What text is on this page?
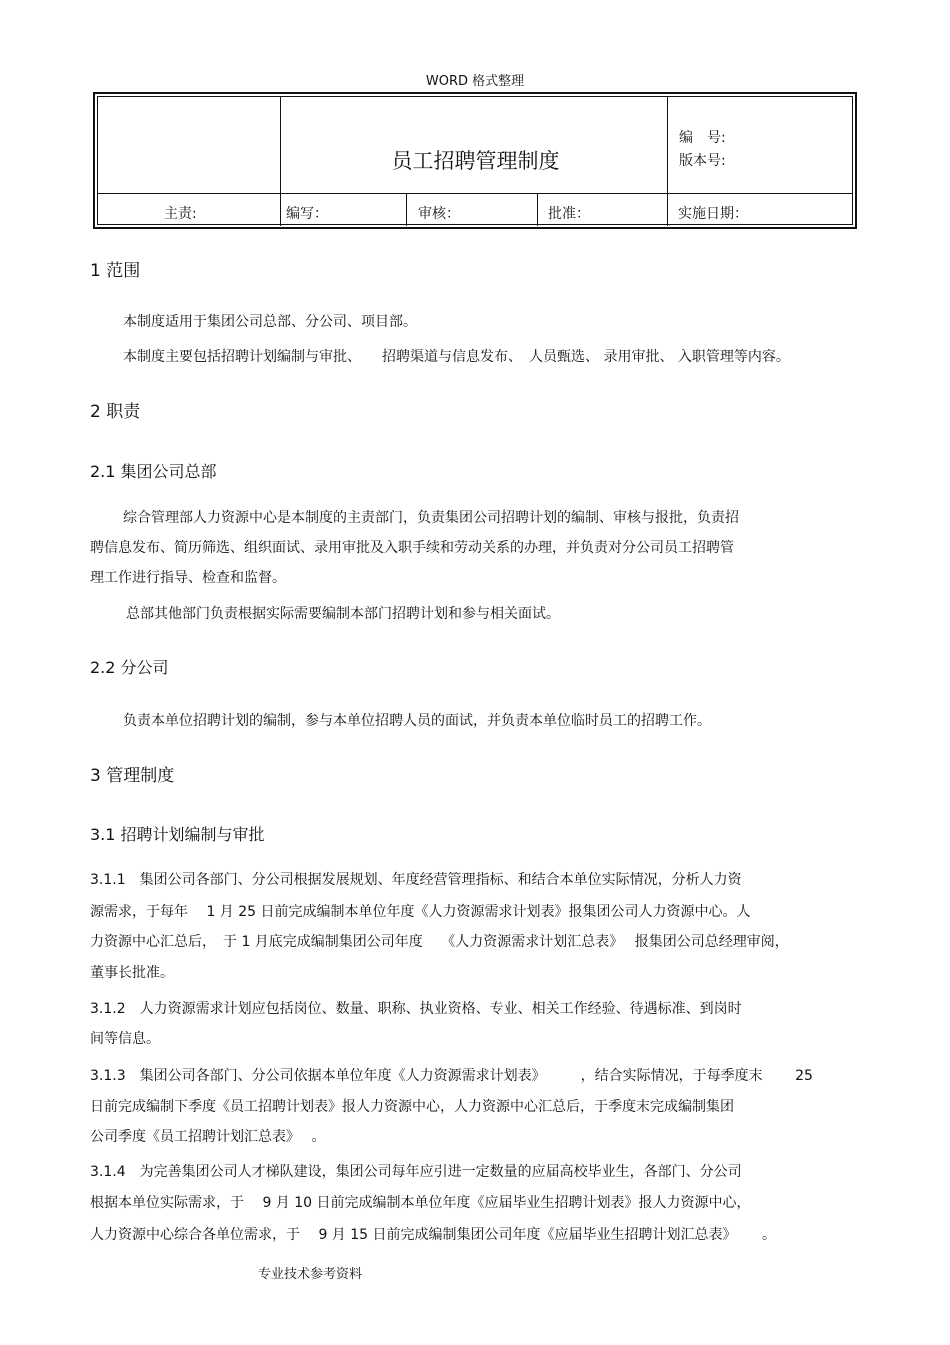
WORD 格式整理
员工招聘管理制度
编　号:
版本号:
主责:	编写：	审核：	批准：	实施日期：
1 范围
本制度适用于集团公司总部、分公司、项目部。
本制度主要包括招聘计划编制与审批、　　招聘渠道与信息发布、　人员甄选、 录用审批、 入职管理等内容。
2 职责
2.1 集团公司总部
综合管理部人力资源中心是本制度的主责部门，负责集团公司招聘计划的编制、审核与报批，负责招
聘信息发布、简历筛选、组织面试、录用审批及入职手续和劳动关系的办理，并负责对分公司员工招聘管
理工作进行指导、检查和监督。
总部其他部门负责根据实际需要编制本部门招聘计划和参与相关面试。
2.2 分公司
负责本单位招聘计划的编制，参与本单位招聘人员的面试，并负责本单位临时员工的招聘工作。
3 管理制度
3.1 招聘计划编制与审批
3.1.1　集团公司各部门、分公司根据发展规划、年度经营管理指标、和结合本单位实际情况，分析人力资
源需求，于每年　 1 月 25 日前完成编制本单位年度《人力资源需求计划表》报集团公司人力资源中心。人
力资源中心汇总后，　于 1 月底完成编制集团公司年度　 《人力资源需求计划汇总表》　 报集团公司总经理审阅，
董事长批准。
3.1.2　人力资源需求计划应包括岗位、数量、职称、执业资格、专业、相关工作经验、待遇标准、到岗时
间等信息。
3.1.3　集团公司各部门、分公司依据本单位年度《人力资源需求计划表》　　　，结合实际情况，于每季度末　　 25
日前完成编制下季度《员工招聘计划表》报人力资源中心，人力资源中心汇总后，于季度末完成编制集团
公司季度《员工招聘计划汇总表》　 。
3.1.4　为完善集团公司人才梯队建设，集团公司每年应引进一定数量的应届高校毕业生，各部门、分公司
根据本单位实际需求，于　 9 月 10 日前完成编制本单位年度《应届毕业生招聘计划表》报人力资源中心，
人力资源中心综合各单位需求，于　 9 月 15 日前完成编制集团公司年度《应届毕业生招聘计划汇总表》　　 。
专业技术参考资料
